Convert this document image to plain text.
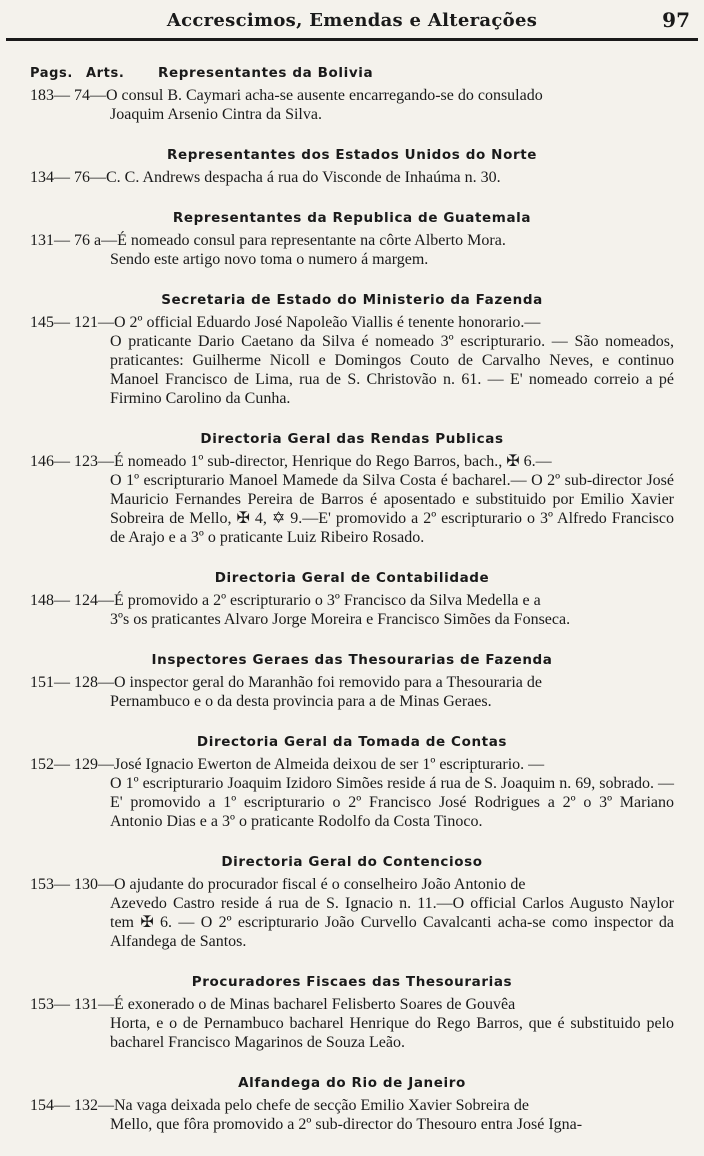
Accrescimos, Emendas e Alterações	97
Pags. Arts. Representantes da Bolivia
183— 74—O consul B. Caymari acha-se ausente encarregando-se do consulado
Joaquim Arsenio Cintra da Silva.
Representantes dos Estados Unidos do Norte
134— 76—C. C. Andrews despacha á rua do Visconde de Inhaúma n. 30.
Representantes da Republica de Guatemala
131— 76 a—É nomeado consul para representante na côrte Alberto Mora.
Sendo este artigo novo toma o numero á margem.
Secretaria de Estado do Ministerio da Fazenda
145— 121—O 2º official Eduardo José Napoleão Viallis é tenente honorario.—
O praticante Dario Caetano da Silva é nomeado 3º escripturario. — São nomeados, praticantes: Guilherme Nicoll e Domingos Couto de Carvalho Neves, e continuo Manoel Francisco de Lima, rua de S. Christovão n. 61. — E' nomeado correio a pé Firmino Carolino da Cunha.
Directoria Geral das Rendas Publicas
146— 123—É nomeado 1º sub-director, Henrique do Rego Barros, bach., ✠ 6.—
O 1º escripturario Manoel Mamede da Silva Costa é bacharel.— O 2º sub-director José Mauricio Fernandes Pereira de Barros é aposentado e substituido por Emilio Xavier Sobreira de Mello, ✠ 4, ✡ 9.—E' promovido a 2º escripturario o 3º Alfredo Francisco de Arajo e a 3º o praticante Luiz Ribeiro Rosado.
Directoria Geral de Contabilidade
148— 124—É promovido a 2º escripturario o 3º Francisco da Silva Medella e a
3ºs os praticantes Alvaro Jorge Moreira e Francisco Simões da Fonseca.
Inspectores Geraes das Thesourarias de Fazenda
151— 128—O inspector geral do Maranhão foi removido para a Thesouraria de
Pernambuco e o da desta provincia para a de Minas Geraes.
Directoria Geral da Tomada de Contas
152— 129—José Ignacio Ewerton de Almeida deixou de ser 1º escripturario. —
O 1º escripturario Joaquim Izidoro Simões reside á rua de S. Joaquim n. 69, sobrado. — E' promovido a 1º escripturario o 2º Francisco José Rodrigues a 2º o 3º Mariano Antonio Dias e a 3º o praticante Rodolfo da Costa Tinoco.
Directoria Geral do Contencioso
153— 130—O ajudante do procurador fiscal é o conselheiro João Antonio de
Azevedo Castro reside á rua de S. Ignacio n. 11.—O official Carlos Augusto Naylor tem ✠ 6. — O 2º escripturario João Curvello Cavalcanti acha-se como inspector da Alfandega de Santos.
Procuradores Fiscaes das Thesourarias
153— 131—É exonerado o de Minas bacharel Felisberto Soares de Gouvêa
Horta, e o de Pernambuco bacharel Henrique do Rego Barros, que é substituido pelo bacharel Francisco Magarinos de Souza Leão.
Alfandega do Rio de Janeiro
154— 132—Na vaga deixada pelo chefe de secção Emilio Xavier Sobreira de
Mello, que fôra promovido a 2º sub-director do Thesouro entra José Igna-
